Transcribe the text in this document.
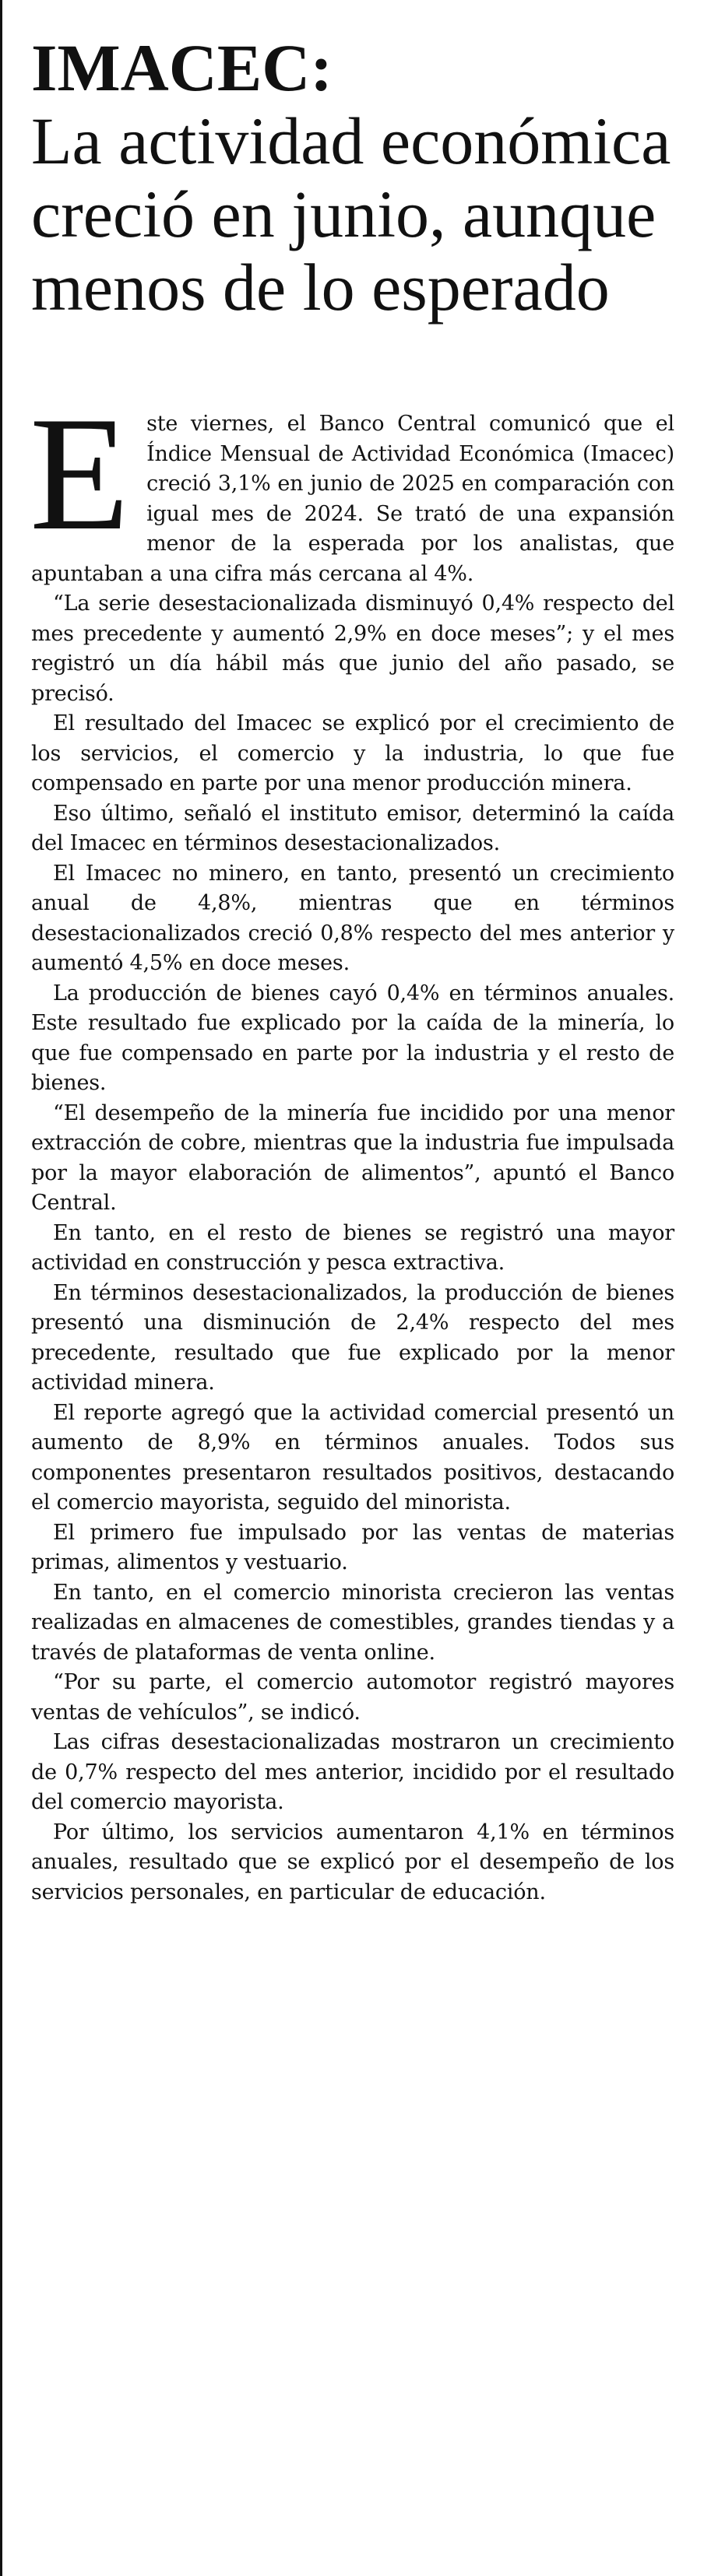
IMACEC:
La actividad económica creció en junio, aunque menos de lo esperado

Este viernes, el Banco Central comunicó que el Índice Mensual de Actividad Económica (Imacec) creció 3,1% en junio de 2025 en comparación con igual mes de 2024. Se trató de una expansión menor de la esperada por los analistas, que apuntaban a una cifra más cercana al 4%.

“La serie desestacionalizada disminuyó 0,4% respecto del mes precedente y aumentó 2,9% en doce meses”; y el mes registró un día hábil más que junio del año pasado, se precisó.

El resultado del Imacec se explicó por el crecimiento de los servicios, el comercio y la industria, lo que fue compensado en parte por una menor producción minera.

Eso último, señaló el instituto emisor, determinó la caída del Imacec en términos desestacionalizados.

El Imacec no minero, en tanto, presentó un crecimiento anual de 4,8%, mientras que en términos desestacionalizados creció 0,8% respecto del mes anterior y aumentó 4,5% en doce meses.

La producción de bienes cayó 0,4% en términos anuales. Este resultado fue explicado por la caída de la minería, lo que fue compensado en parte por la industria y el resto de bienes.

“El desempeño de la minería fue incidido por una menor extracción de cobre, mientras que la industria fue impulsada por la mayor elaboración de alimentos”, apuntó el Banco Central.

En tanto, en el resto de bienes se registró una mayor actividad en construcción y pesca extractiva.

En términos desestacionalizados, la producción de bienes presentó una disminución de 2,4% respecto del mes precedente, resultado que fue explicado por la menor actividad minera.

El reporte agregó que la actividad comercial presentó un aumento de 8,9% en términos anuales. Todos sus componentes presentaron resultados positivos, destacando el comercio mayorista, seguido del minorista.

El primero fue impulsado por las ventas de materias primas, alimentos y vestuario.

En tanto, en el comercio minorista crecieron las ventas realizadas en almacenes de comestibles, grandes tiendas y a través de plataformas de venta online.

“Por su parte, el comercio automotor registró mayores ventas de vehículos”, se indicó.

Las cifras desestacionalizadas mostraron un crecimiento de 0,7% respecto del mes anterior, incidido por el resultado del comercio mayorista.

Por último, los servicios aumentaron 4,1% en términos anuales, resultado que se explicó por el desempeño de los servicios personales, en particular de educación.
